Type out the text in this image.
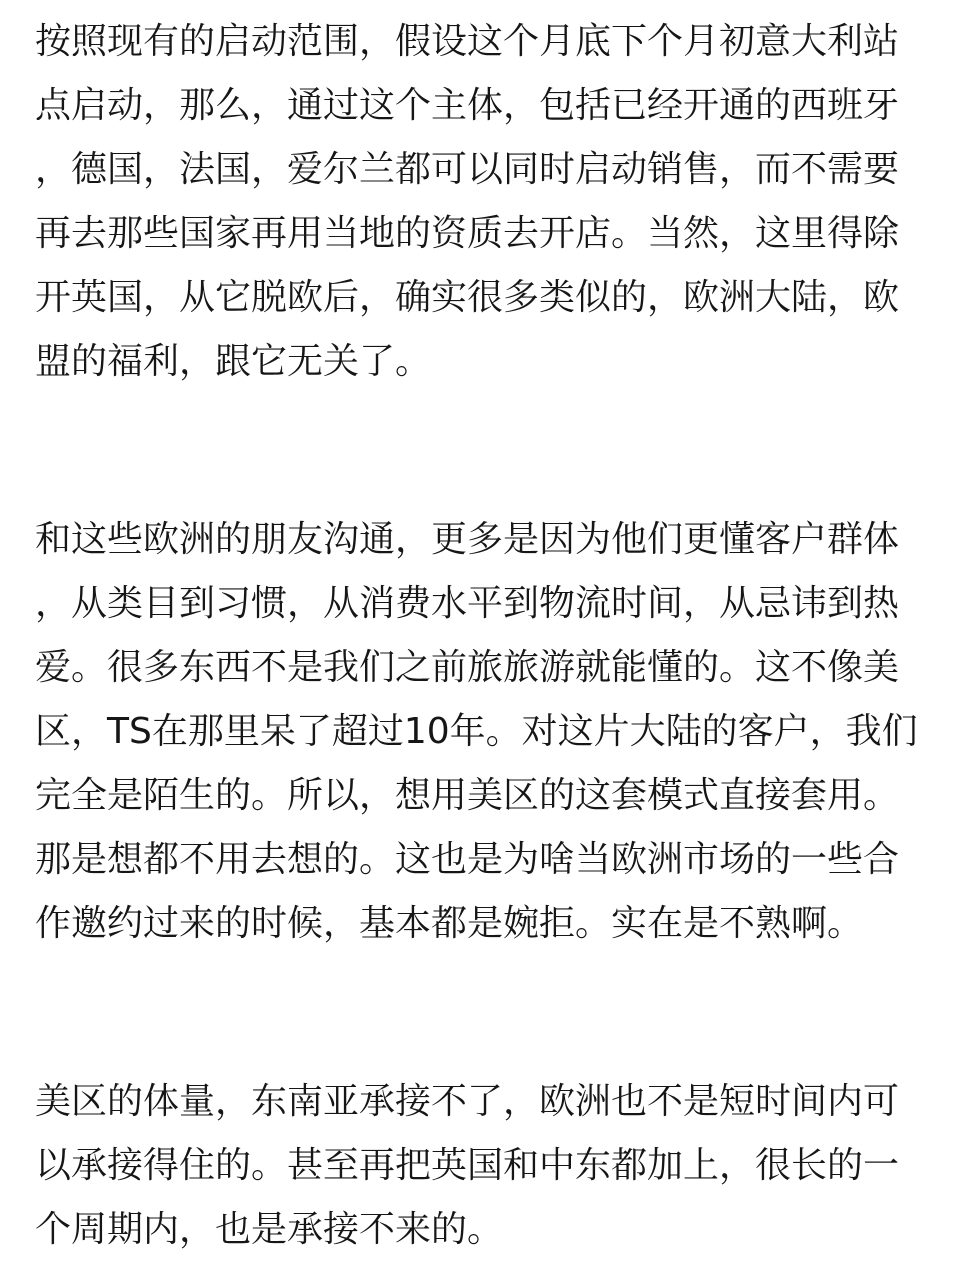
按照现有的启动范围，假设这个月底下个月初意大利站
点启动，那么，通过这个主体，包括已经开通的西班牙
，德国，法国，爱尔兰都可以同时启动销售，而不需要
再去那些国家再用当地的资质去开店。当然，这里得除
开英国，从它脱欧后，确实很多类似的，欧洲大陆，欧
盟的福利，跟它无关了。
和这些欧洲的朋友沟通，更多是因为他们更懂客户群体
，从类目到习惯，从消费水平到物流时间，从忌讳到热
爱。很多东西不是我们之前旅旅游就能懂的。这不像美
区，TS在那里呆了超过10年。对这片大陆的客户，我们
完全是陌生的。所以，想用美区的这套模式直接套用。
那是想都不用去想的。这也是为啥当欧洲市场的一些合
作邀约过来的时候，基本都是婉拒。实在是不熟啊。
美区的体量，东南亚承接不了，欧洲也不是短时间内可
以承接得住的。甚至再把英国和中东都加上，很长的一
个周期内，也是承接不来的。
